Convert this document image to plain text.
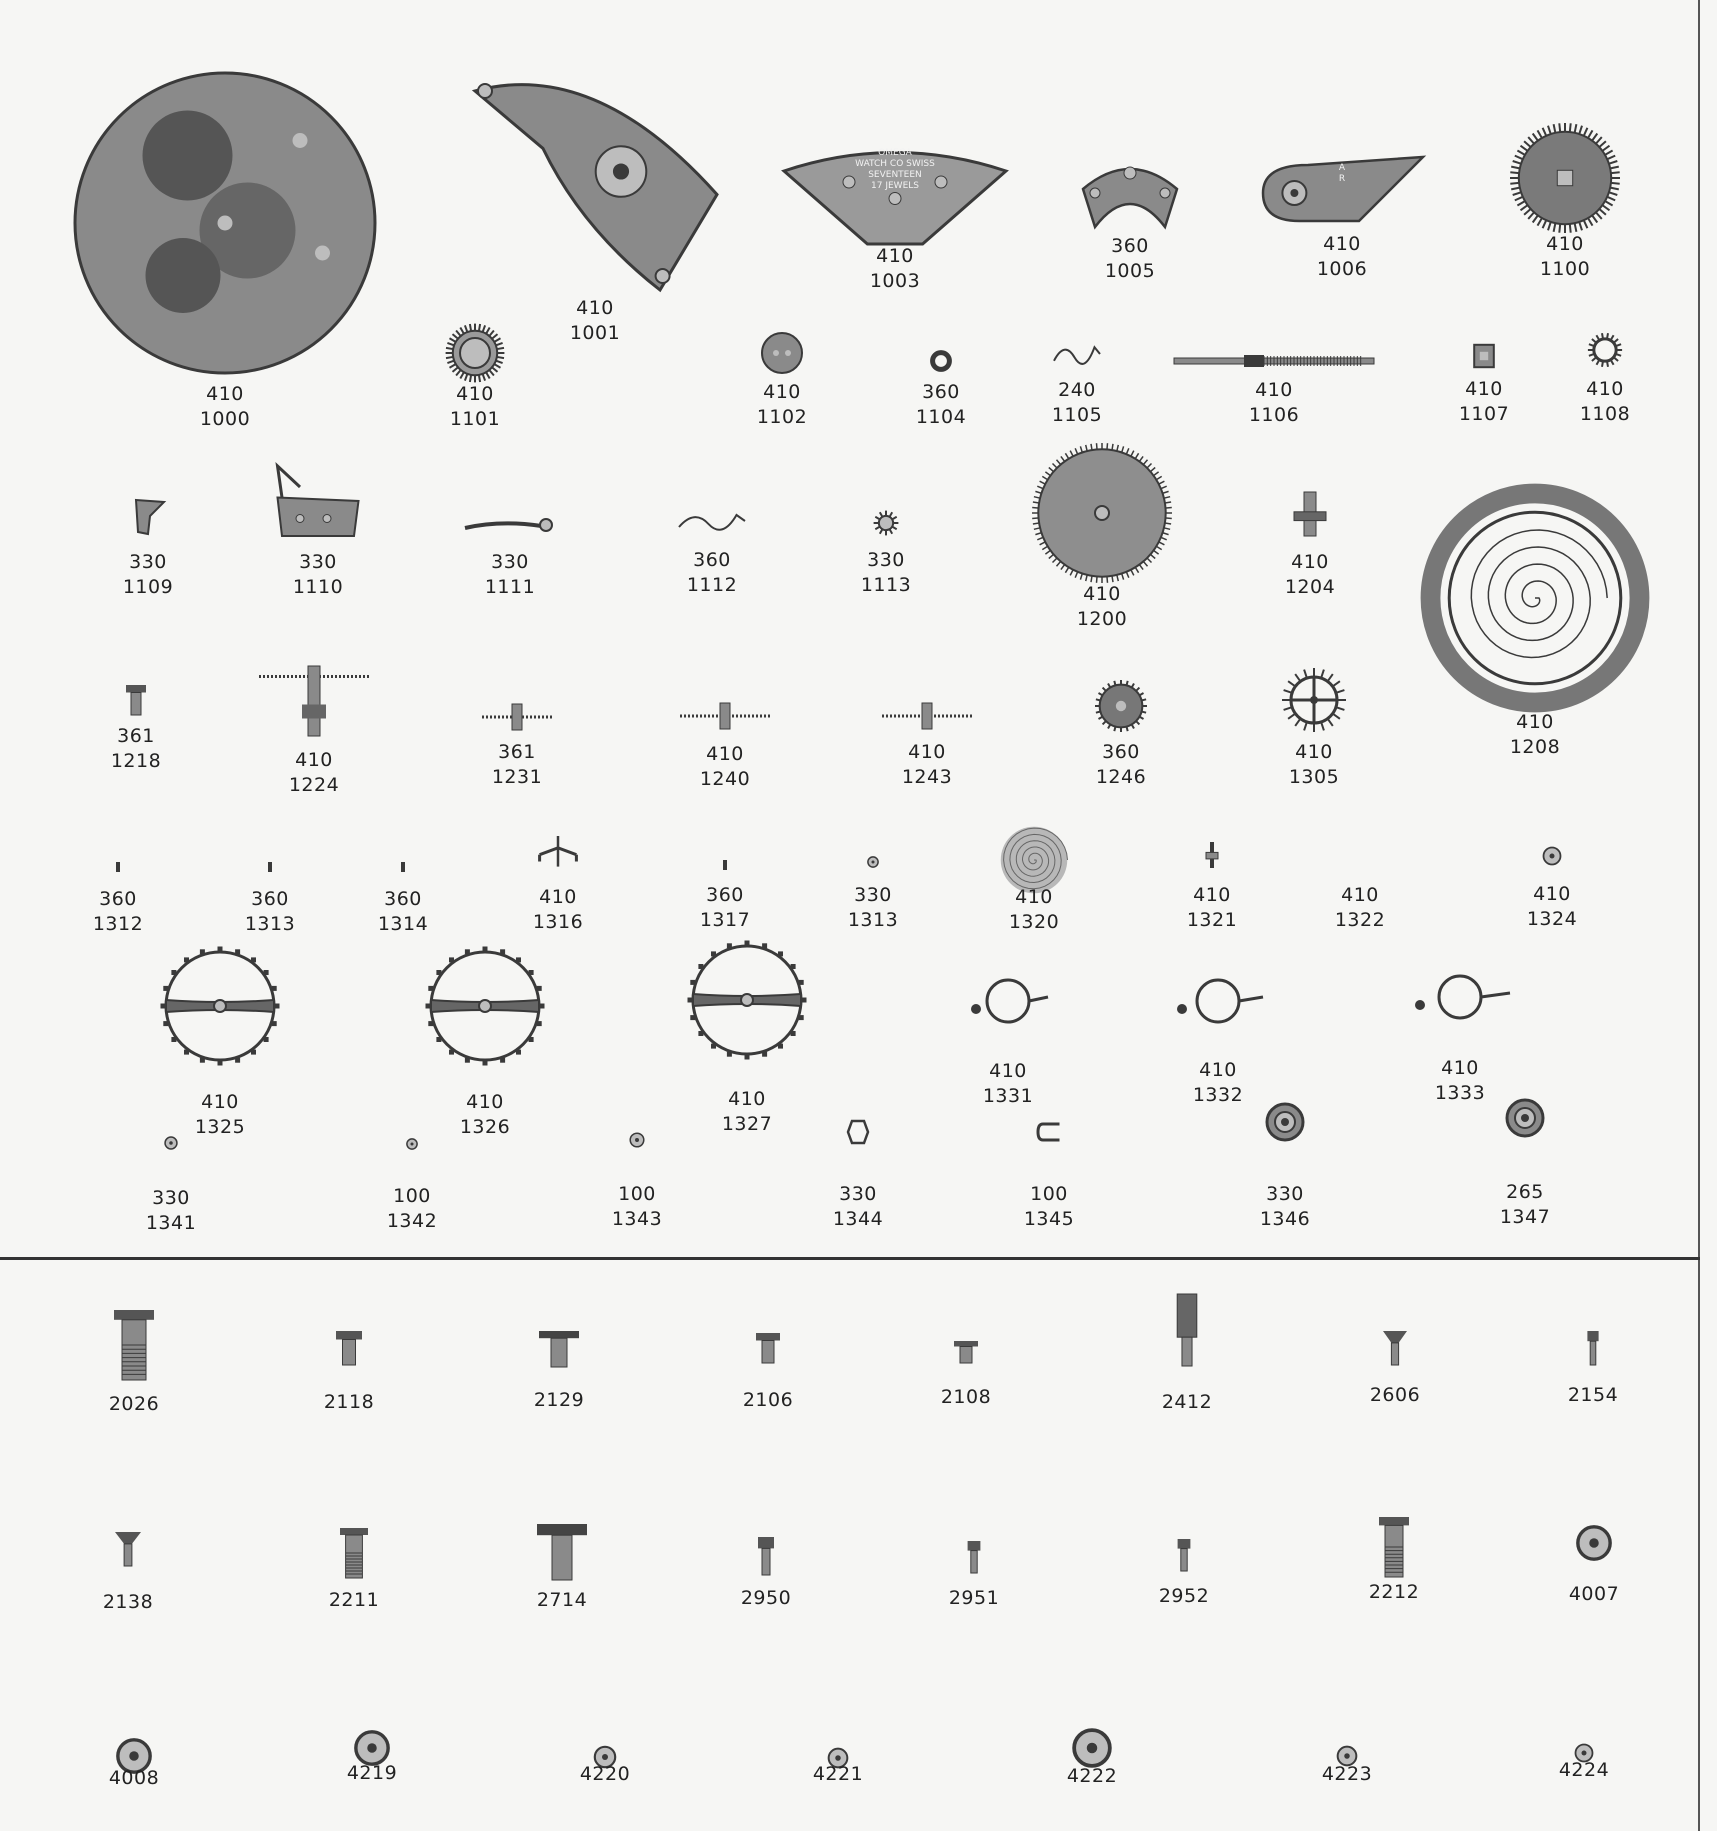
410
1000
410
1001
410
1003
OMEGA
WATCH CO SWISS
SEVENTEEN
17 JEWELS
360
1005
410
1006
A
R
410
1100
410
1101
410
1102
360
1104
240
1105
410
1106
410
1107
410
1108
330
1109
330
1110
330
1111
360
1112
330
1113	410
1200
410
1204
410
1208
361
1218	410
1224
361
1231
410
1240
410
1243
360
1246
410
1305
360
1312
360
1313
360
1314
410
1316
360
1317
330
1313
410
1320
410
1321
410
1322
410
1324
410
1325
410
1326
410
1327
410
1331
410
1332
410
1333
330
1341
100
1342
100
1343
330
1344
100
1345
330
1346
265
1347
2026	2118	2129	2106	2108	2412	2606	2154
2138	2211	2714	2950	2951	2952	2212	4007
4008	4219	4220	4221	4222	4223	4224
